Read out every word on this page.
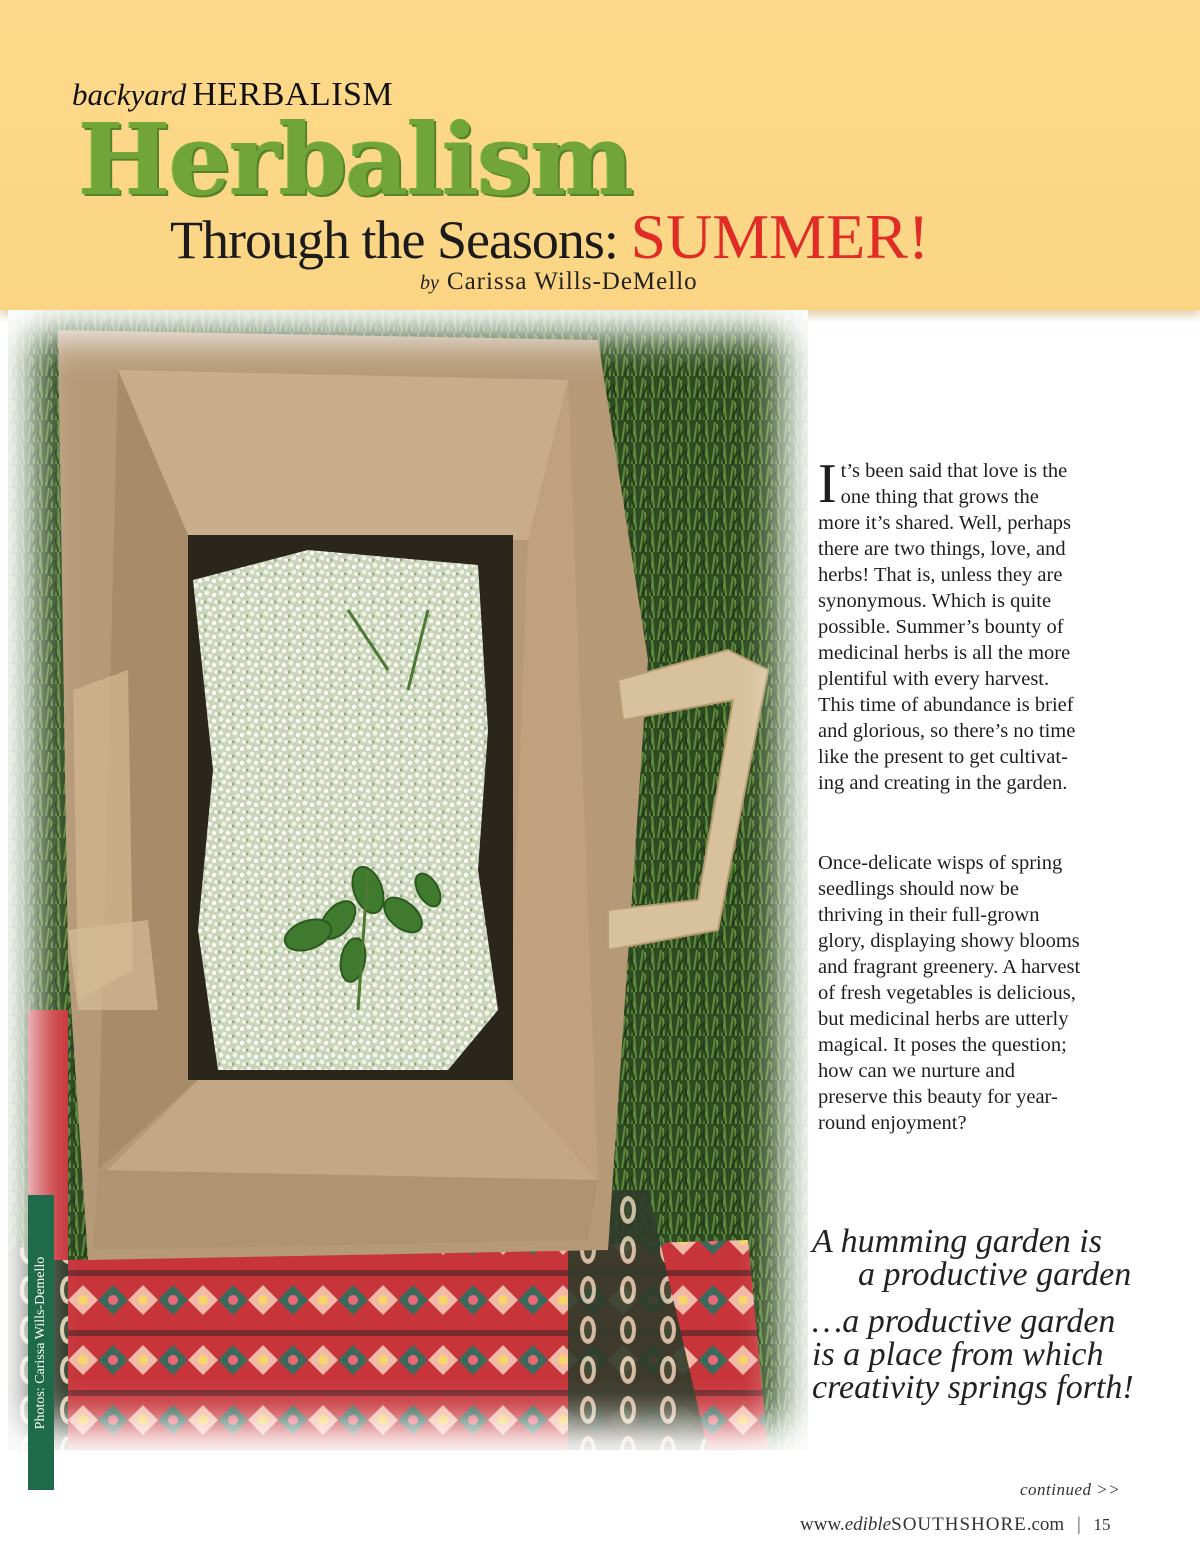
backyard HERBALISM
Herbalism
Through the Seasons: SUMMER!
by Carissa Wills-DeMello
Photos: Carissa Wills-Demello

I t’s been said that love is the
one thing that grows the
more it’s shared. Well, perhaps
there are two things, love, and
herbs! That is, unless they are
synonymous. Which is quite
possible. Summer’s bounty of
medicinal herbs is all the more
plentiful with every harvest.
This time of abundance is brief
and glorious, so there’s no time
like the present to get cultivat-
ing and creating in the garden.

Once-delicate wisps of spring
seedlings should now be
thriving in their full-grown
glory, displaying showy blooms
and fragrant greenery. A harvest
of fresh vegetables is delicious,
but medicinal herbs are utterly
magical. It poses the question;
how can we nurture and
preserve this beauty for year-
round enjoyment?

A humming garden is
a productive garden
…a productive garden
is a place from which
creativity springs forth!
continued >>
www.edibleSOUTHSHORE.com | 15
